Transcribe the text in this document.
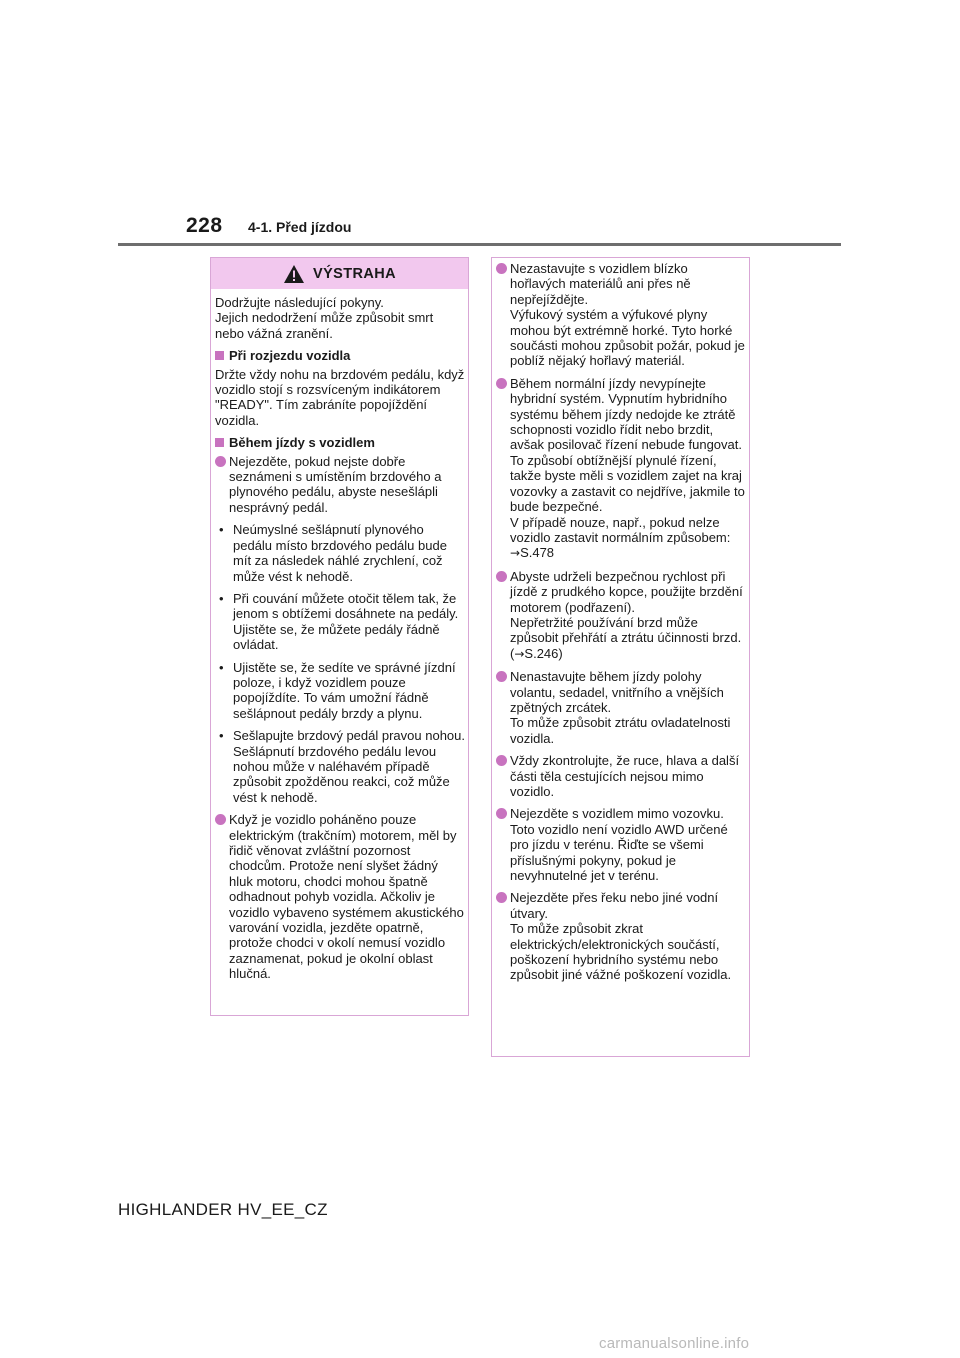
228 4-1. Před jízdou
VÝSTRAHA

Dodržujte následující pokyny.
Jejich nedodržení může způsobit smrt nebo vážná zranění.

Při rozjezdu vozidla

Držte vždy nohu na brzdovém pedálu, když vozidlo stojí s rozsvíceným indikátorem "READY". Tím zabráníte popojíždění vozidla.

Během jízdy s vozidlem
Nejezděte, pokud nejste dobře seznámeni s umístěním brzdového a plynového pedálu, abyste nesešlápli nesprávný pedál.
• Neúmyslné sešlápnutí plynového pedálu místo brzdového pedálu bude mít za následek náhlé zrychlení, což může vést k nehodě.
• Při couvání můžete otočit tělem tak, že jenom s obtížemi dosáhnete na pedály. Ujistěte se, že můžete pedály řádně ovládat.
• Ujistěte se, že sedíte ve správné jízdní poloze, i když vozidlem pouze popojíždíte. To vám umožní řádně sešlápnout pedály brzdy a plynu.
• Sešlapujte brzdový pedál pravou nohou. Sešlápnutí brzdového pedálu levou nohou může v naléhavém případě způsobit zpožděnou reakci, což může vést k nehodě.
Když je vozidlo poháněno pouze elektrickým (trakčním) motorem, měl by řidič věnovat zvláštní pozornost chodcům. Protože není slyšet žádný hluk motoru, chodci mohou špatně odhadnout pohyb vozidla. Ačkoliv je vozidlo vybaveno systémem akustického varování vozidla, jezděte opatrně, protože chodci v okolí nemusí vozidlo zaznamenat, pokud je okolní oblast hlučná.
Nezastavujte s vozidlem blízko hořlavých materiálů ani přes ně nepřejíždějte.
Výfukový systém a výfukové plyny mohou být extrémně horké. Tyto horké součásti mohou způsobit požár, pokud je poblíž nějaký hořlavý materiál.
Během normální jízdy nevypínejte hybridní systém. Vypnutím hybridního systému během jízdy nedojde ke ztrátě schopnosti vozidlo řídit nebo brzdit, avšak posilovač řízení nebude fungovat. To způsobí obtížnější plynulé řízení, takže byste měli s vozidlem zajet na kraj vozovky a zastavit co nejdříve, jakmile to bude bezpečné.
V případě nouze, např., pokud nelze vozidlo zastavit normálním způsobem: →S.478
Abyste udrželi bezpečnou rychlost při jízdě z prudkého kopce, použijte brzdění motorem (podřazení).
Nepřetržité používání brzd může způsobit přehřátí a ztrátu účinnosti brzd. (→S.246)
Nenastavujte během jízdy polohy volantu, sedadel, vnitřního a vnějších zpětných zrcátek.
To může způsobit ztrátu ovladatelnosti vozidla.
Vždy zkontrolujte, že ruce, hlava a další části těla cestujících nejsou mimo vozidlo.
Nejezděte s vozidlem mimo vozovku. Toto vozidlo není vozidlo AWD určené pro jízdu v terénu. Řiďte se všemi příslušnými pokyny, pokud je nevyhnutelné jet v terénu.
Nejezděte přes řeku nebo jiné vodní útvary.
To může způsobit zkrat elektrických/elektronických součástí, poškození hybridního systému nebo způsobit jiné vážné poškození vozidla.
HIGHLANDER HV_EE_CZ
carmanualsonline.info
